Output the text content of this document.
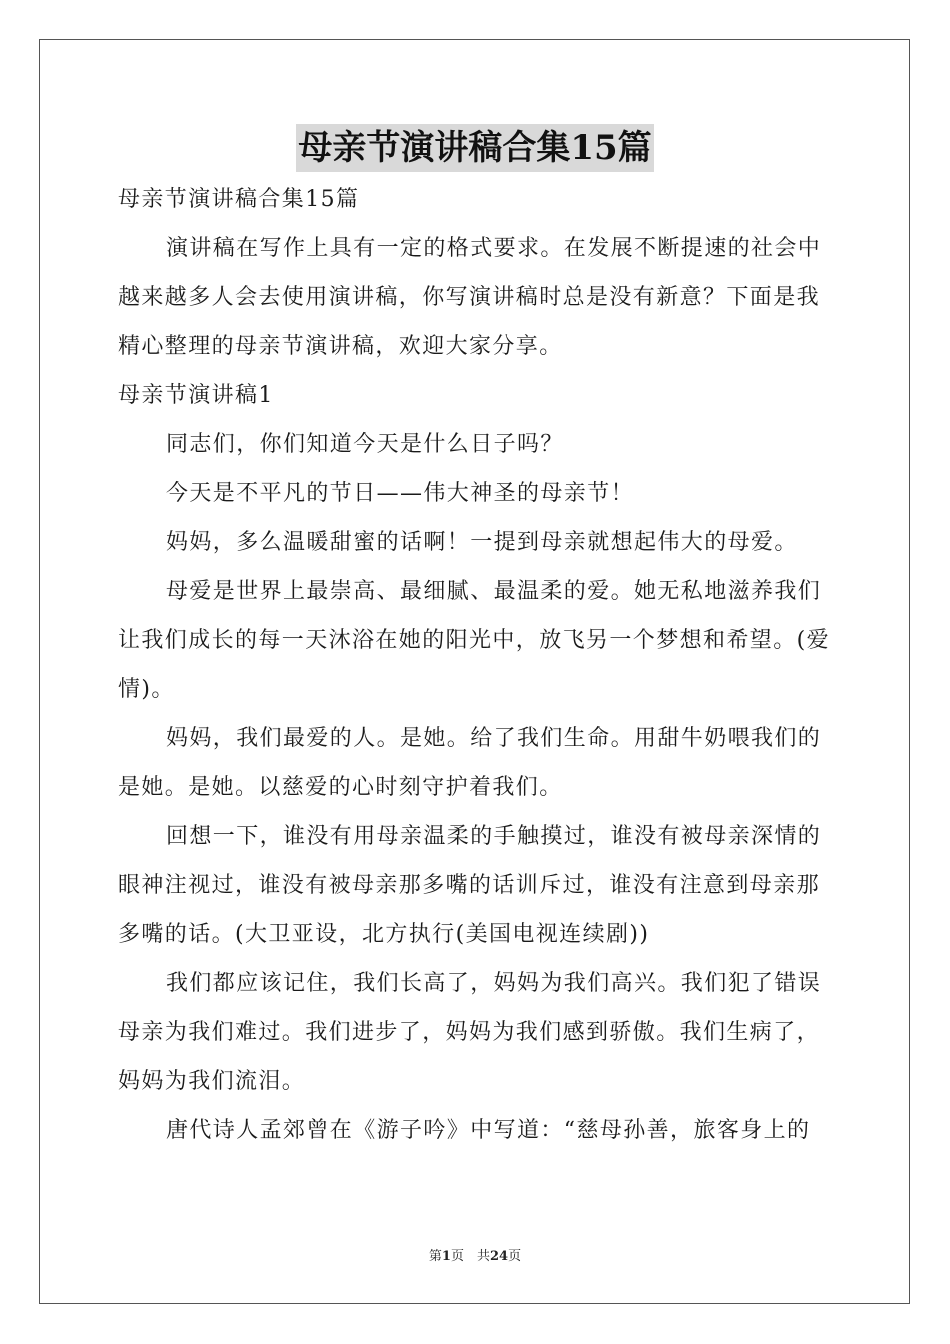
母亲节演讲稿合集15篇

母亲节演讲稿合集15篇

演讲稿在写作上具有一定的格式要求。在发展不断提速的社会中越来越多人会去使用演讲稿，你写演讲稿时总是没有新意？下面是我精心整理的母亲节演讲稿，欢迎大家分享。

母亲节演讲稿1

同志们，你们知道今天是什么日子吗？

今天是不平凡的节日——伟大神圣的母亲节！

妈妈，多么温暖甜蜜的话啊！一提到母亲就想起伟大的母爱。

母爱是世界上最崇高、最细腻、最温柔的爱。她无私地滋养我们让我们成长的每一天沐浴在她的阳光中，放飞另一个梦想和希望。(爱情)。

妈妈，我们最爱的人。是她。给了我们生命。用甜牛奶喂我们的是她。是她。以慈爱的心时刻守护着我们。

回想一下，谁没有用母亲温柔的手触摸过，谁没有被母亲深情的眼神注视过，谁没有被母亲那多嘴的话训斥过，谁没有注意到母亲那多嘴的话。(大卫亚设，北方执行(美国电视连续剧))

我们都应该记住，我们长高了，妈妈为我们高兴。我们犯了错误母亲为我们难过。我们进步了，妈妈为我们感到骄傲。我们生病了，妈妈为我们流泪。

唐代诗人孟郊曾在《游子吟》中写道：“慈母孙善，旅客身上的

第1页　共24页
